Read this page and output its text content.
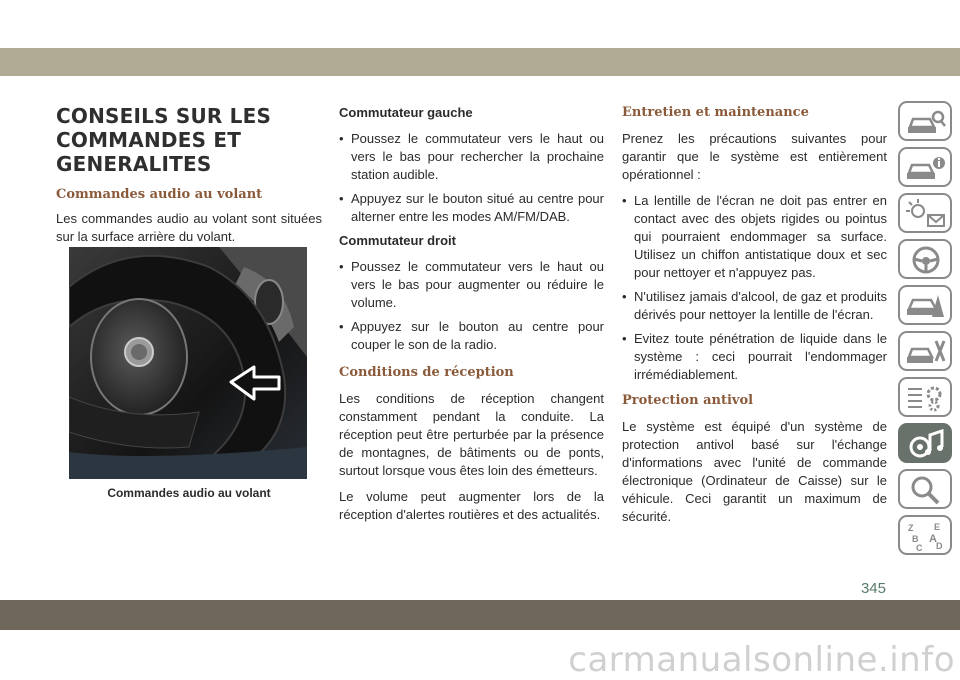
CONSEILS SUR LES
COMMANDES ET
GENERALITES
Commandes audio au volant

Les commandes audio au volant sont situées sur la surface arrière du volant.

Commandes audio au volant

Commutateur gauche

• Poussez le commutateur vers le haut ou vers le bas pour rechercher la prochaine station audible.
• Appuyez sur le bouton situé au centre pour alterner entre les modes AM/FM/DAB.

Commutateur droit

• Poussez le commutateur vers le haut ou vers le bas pour augmenter ou réduire le volume.
• Appuyez sur le bouton au centre pour couper le son de la radio.
Conditions de réception

Les conditions de réception changent constamment pendant la conduite. La réception peut être perturbée par la présence de montagnes, de bâtiments ou de ponts, surtout lorsque vous êtes loin des émetteurs.

Le volume peut augmenter lors de la réception d'alertes routières et des actualités.

Entretien et maintenance

Prenez les précautions suivantes pour garantir que le système est entièrement opérationnel :

• La lentille de l'écran ne doit pas entrer en contact avec des objets rigides ou pointus qui pourraient endommager sa surface. Utilisez un chiffon antistatique doux et sec pour nettoyer et n'appuyez pas.
• N'utilisez jamais d'alcool, de gaz et produits dérivés pour nettoyer la lentille de l'écran.
• Evitez toute pénétration de liquide dans le système : ceci pourrait l'endommager irrémédiablement.
Protection antivol

Le système est équipé d'un système de protection antivol basé sur l'échange d'informations avec l'unité de commande électronique (Ordinateur de Caisse) sur le véhicule. Ceci garantit un maximum de sécurité.

Z E
B A
C D
345
carmanualsonline.info
